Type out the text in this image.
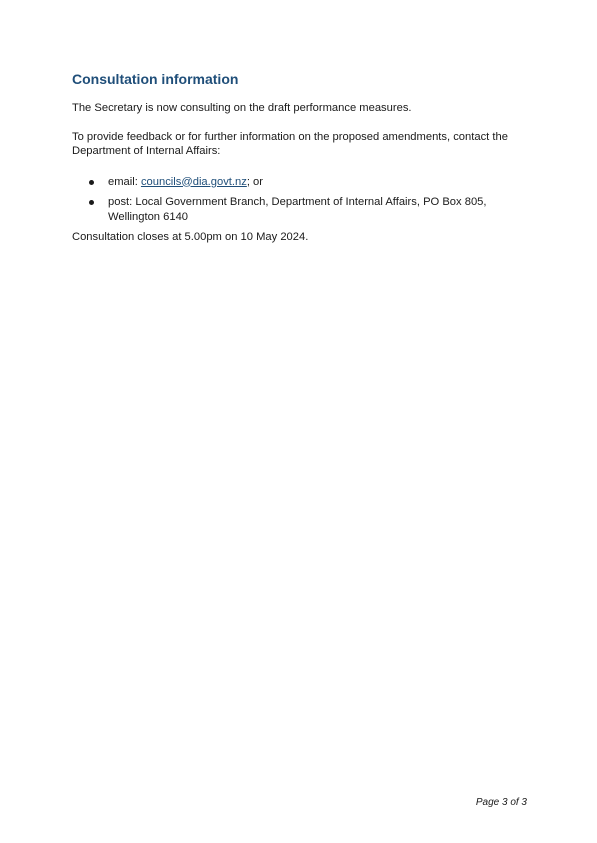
Consultation information

The Secretary is now consulting on the draft performance measures.

To provide feedback or for further information on the proposed amendments, contact the Department of Internal Affairs:

email: councils@dia.govt.nz; or
post: Local Government Branch, Department of Internal Affairs, PO Box 805, Wellington 6140

Consultation closes at 5.00pm on 10 May 2024.

Page 3 of 3
